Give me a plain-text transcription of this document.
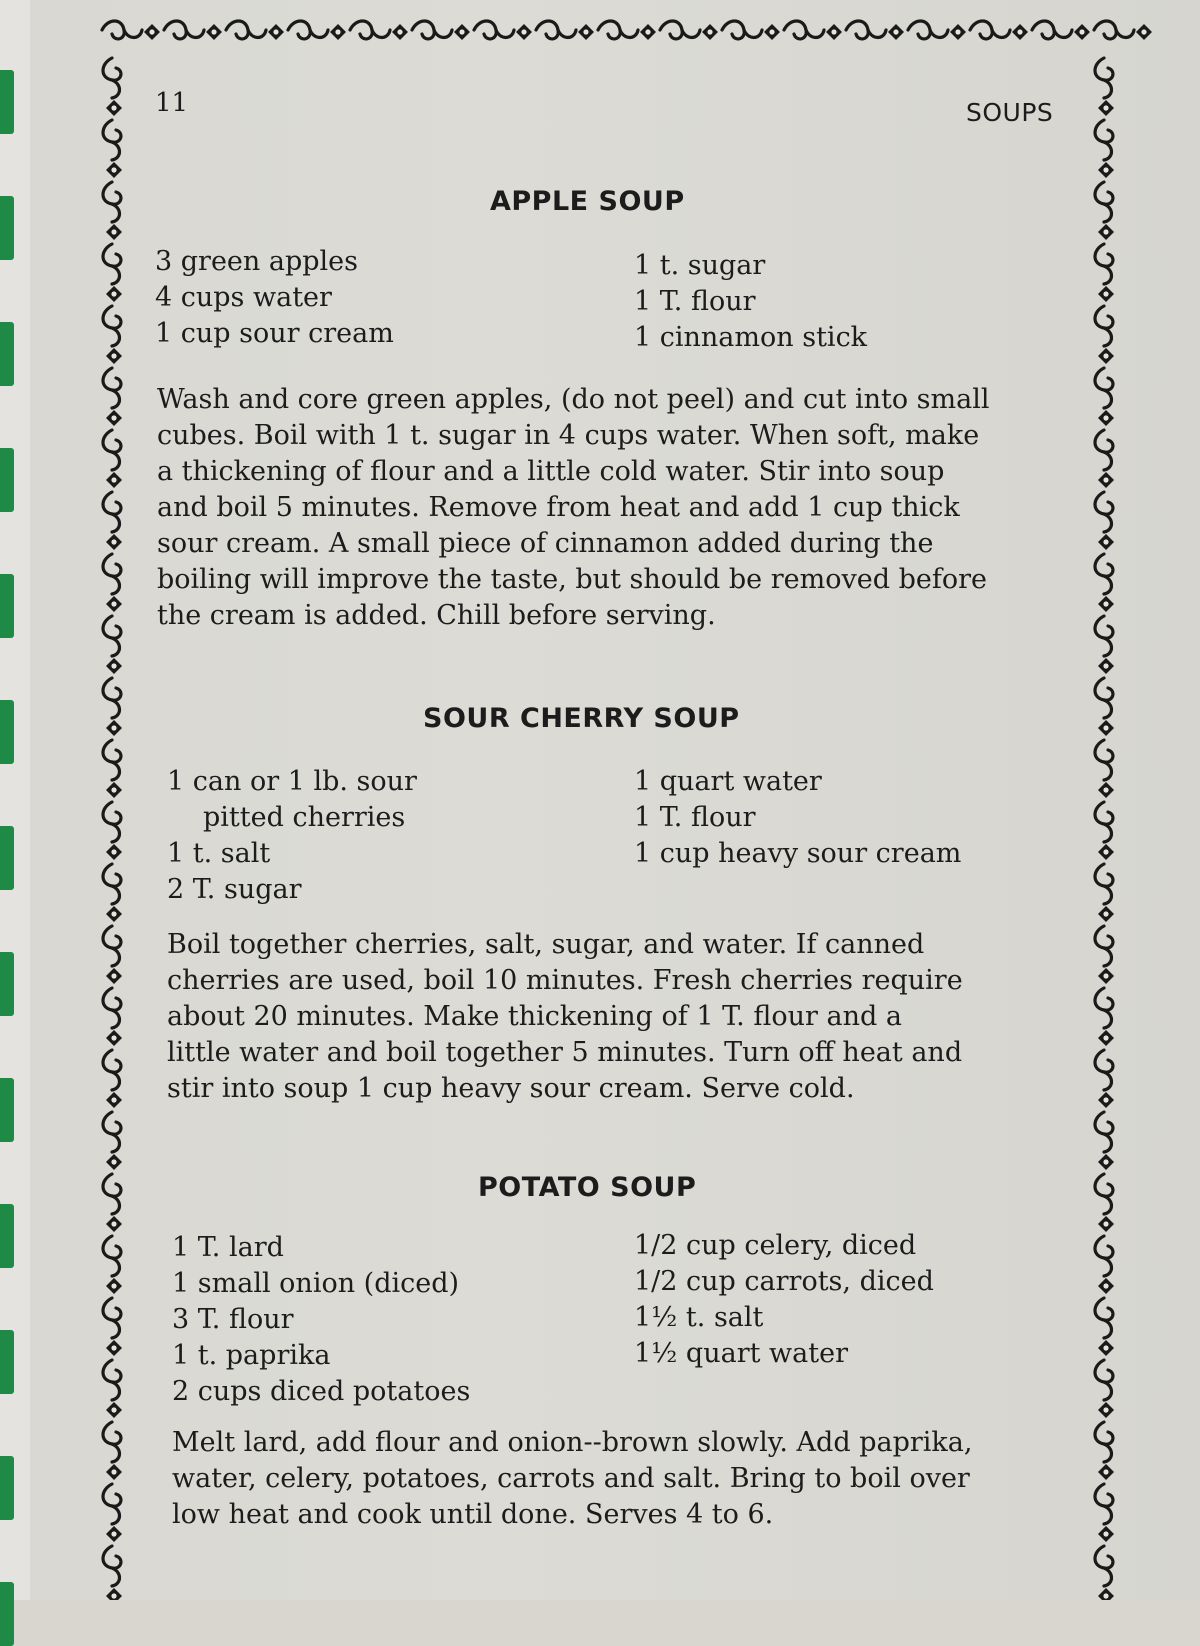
11	SOUPS
APPLE SOUP
3 green apples
4 cups water
1 cup sour cream
1 t. sugar
1 T. flour
1 cinnamon stick
Wash and core green apples, (do not peel) and cut into small
cubes. Boil with 1 t. sugar in 4 cups water. When soft, make
a thickening of flour and a little cold water. Stir into soup
and boil 5 minutes. Remove from heat and add 1 cup thick
sour cream. A small piece of cinnamon added during the
boiling will improve the taste, but should be removed before
the cream is added. Chill before serving.
SOUR CHERRY SOUP
1 can or 1 lb. sour
pitted cherries
1 t. salt
2 T. sugar
1 quart water
1 T. flour
1 cup heavy sour cream
Boil together cherries, salt, sugar, and water. If canned
cherries are used, boil 10 minutes. Fresh cherries require
about 20 minutes. Make thickening of 1 T. flour and a
little water and boil together 5 minutes. Turn off heat and
stir into soup 1 cup heavy sour cream. Serve cold.
POTATO SOUP
1 T. lard
1 small onion (diced)
3 T. flour
1 t. paprika
2 cups diced potatoes
1/2 cup celery, diced
1/2 cup carrots, diced
1½ t. salt
1½ quart water
Melt lard, add flour and onion--brown slowly. Add paprika,
water, celery, potatoes, carrots and salt. Bring to boil over
low heat and cook until done. Serves 4 to 6.
